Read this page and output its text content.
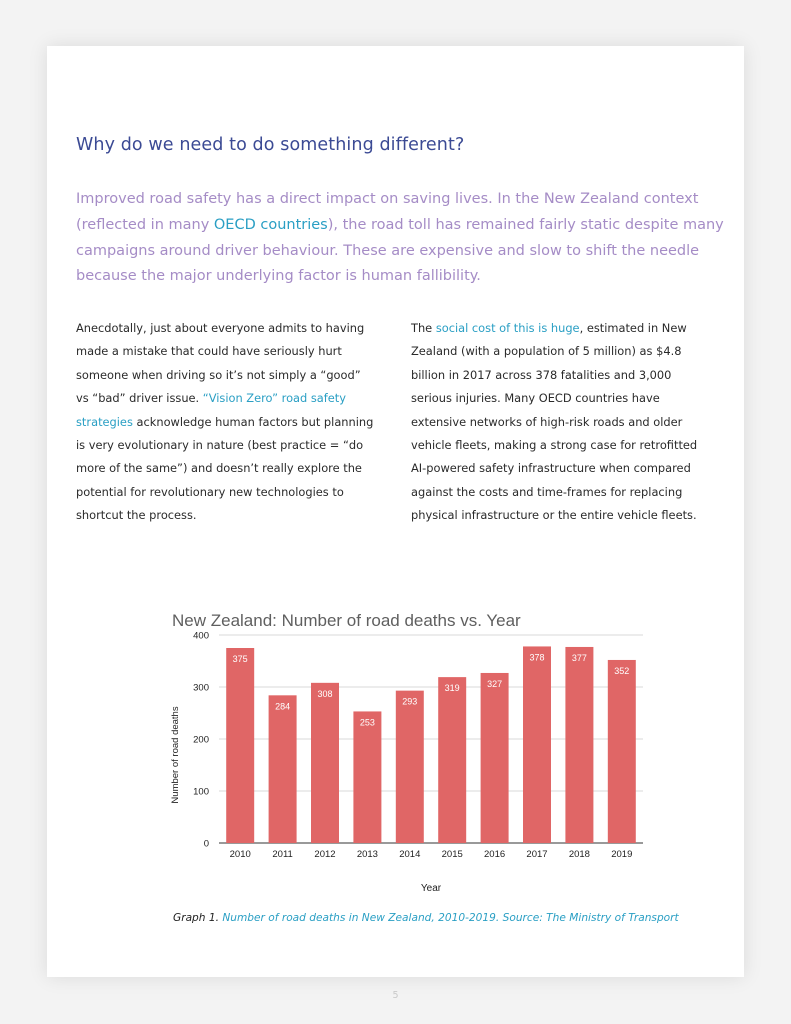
Why do we need to do something different?

Improved road safety has a direct impact on saving lives. In the New Zealand context (reflected in many OECD countries), the road toll has remained fairly static despite many campaigns around driver behaviour. These are expensive and slow to shift the needle because the major underlying factor is human fallibility.

Anecdotally, just about everyone admits to having made a mistake that could have seriously hurt someone when driving so it’s not simply a “good” vs “bad” driver issue. “Vision Zero” road safety strategies acknowledge human factors but planning is very evolutionary in nature (best practice = “do more of the same”) and doesn’t really explore the potential for revolutionary new technologies to shortcut the process.

The social cost of this is huge, estimated in New Zealand (with a population of 5 million) as $4.8 billion in 2017 across 378 fatalities and 3,000 serious injuries. Many OECD countries have extensive networks of high-risk roads and older vehicle fleets, making a strong case for retrofitted AI-powered safety infrastructure when compared against the costs and time-frames for replacing physical infrastructure or the entire vehicle fleets.

New Zealand: Number of road deaths vs. Year
0
100
200
300
400
375
2010
284
2011
308
2012
253
2013
293
2014
319
2015
327
2016
378
2017
377
2018
352
2019
Year
Number of road deaths

Graph 1. Number of road deaths in New Zealand, 2010-2019. Source: The Ministry of Transport

5
